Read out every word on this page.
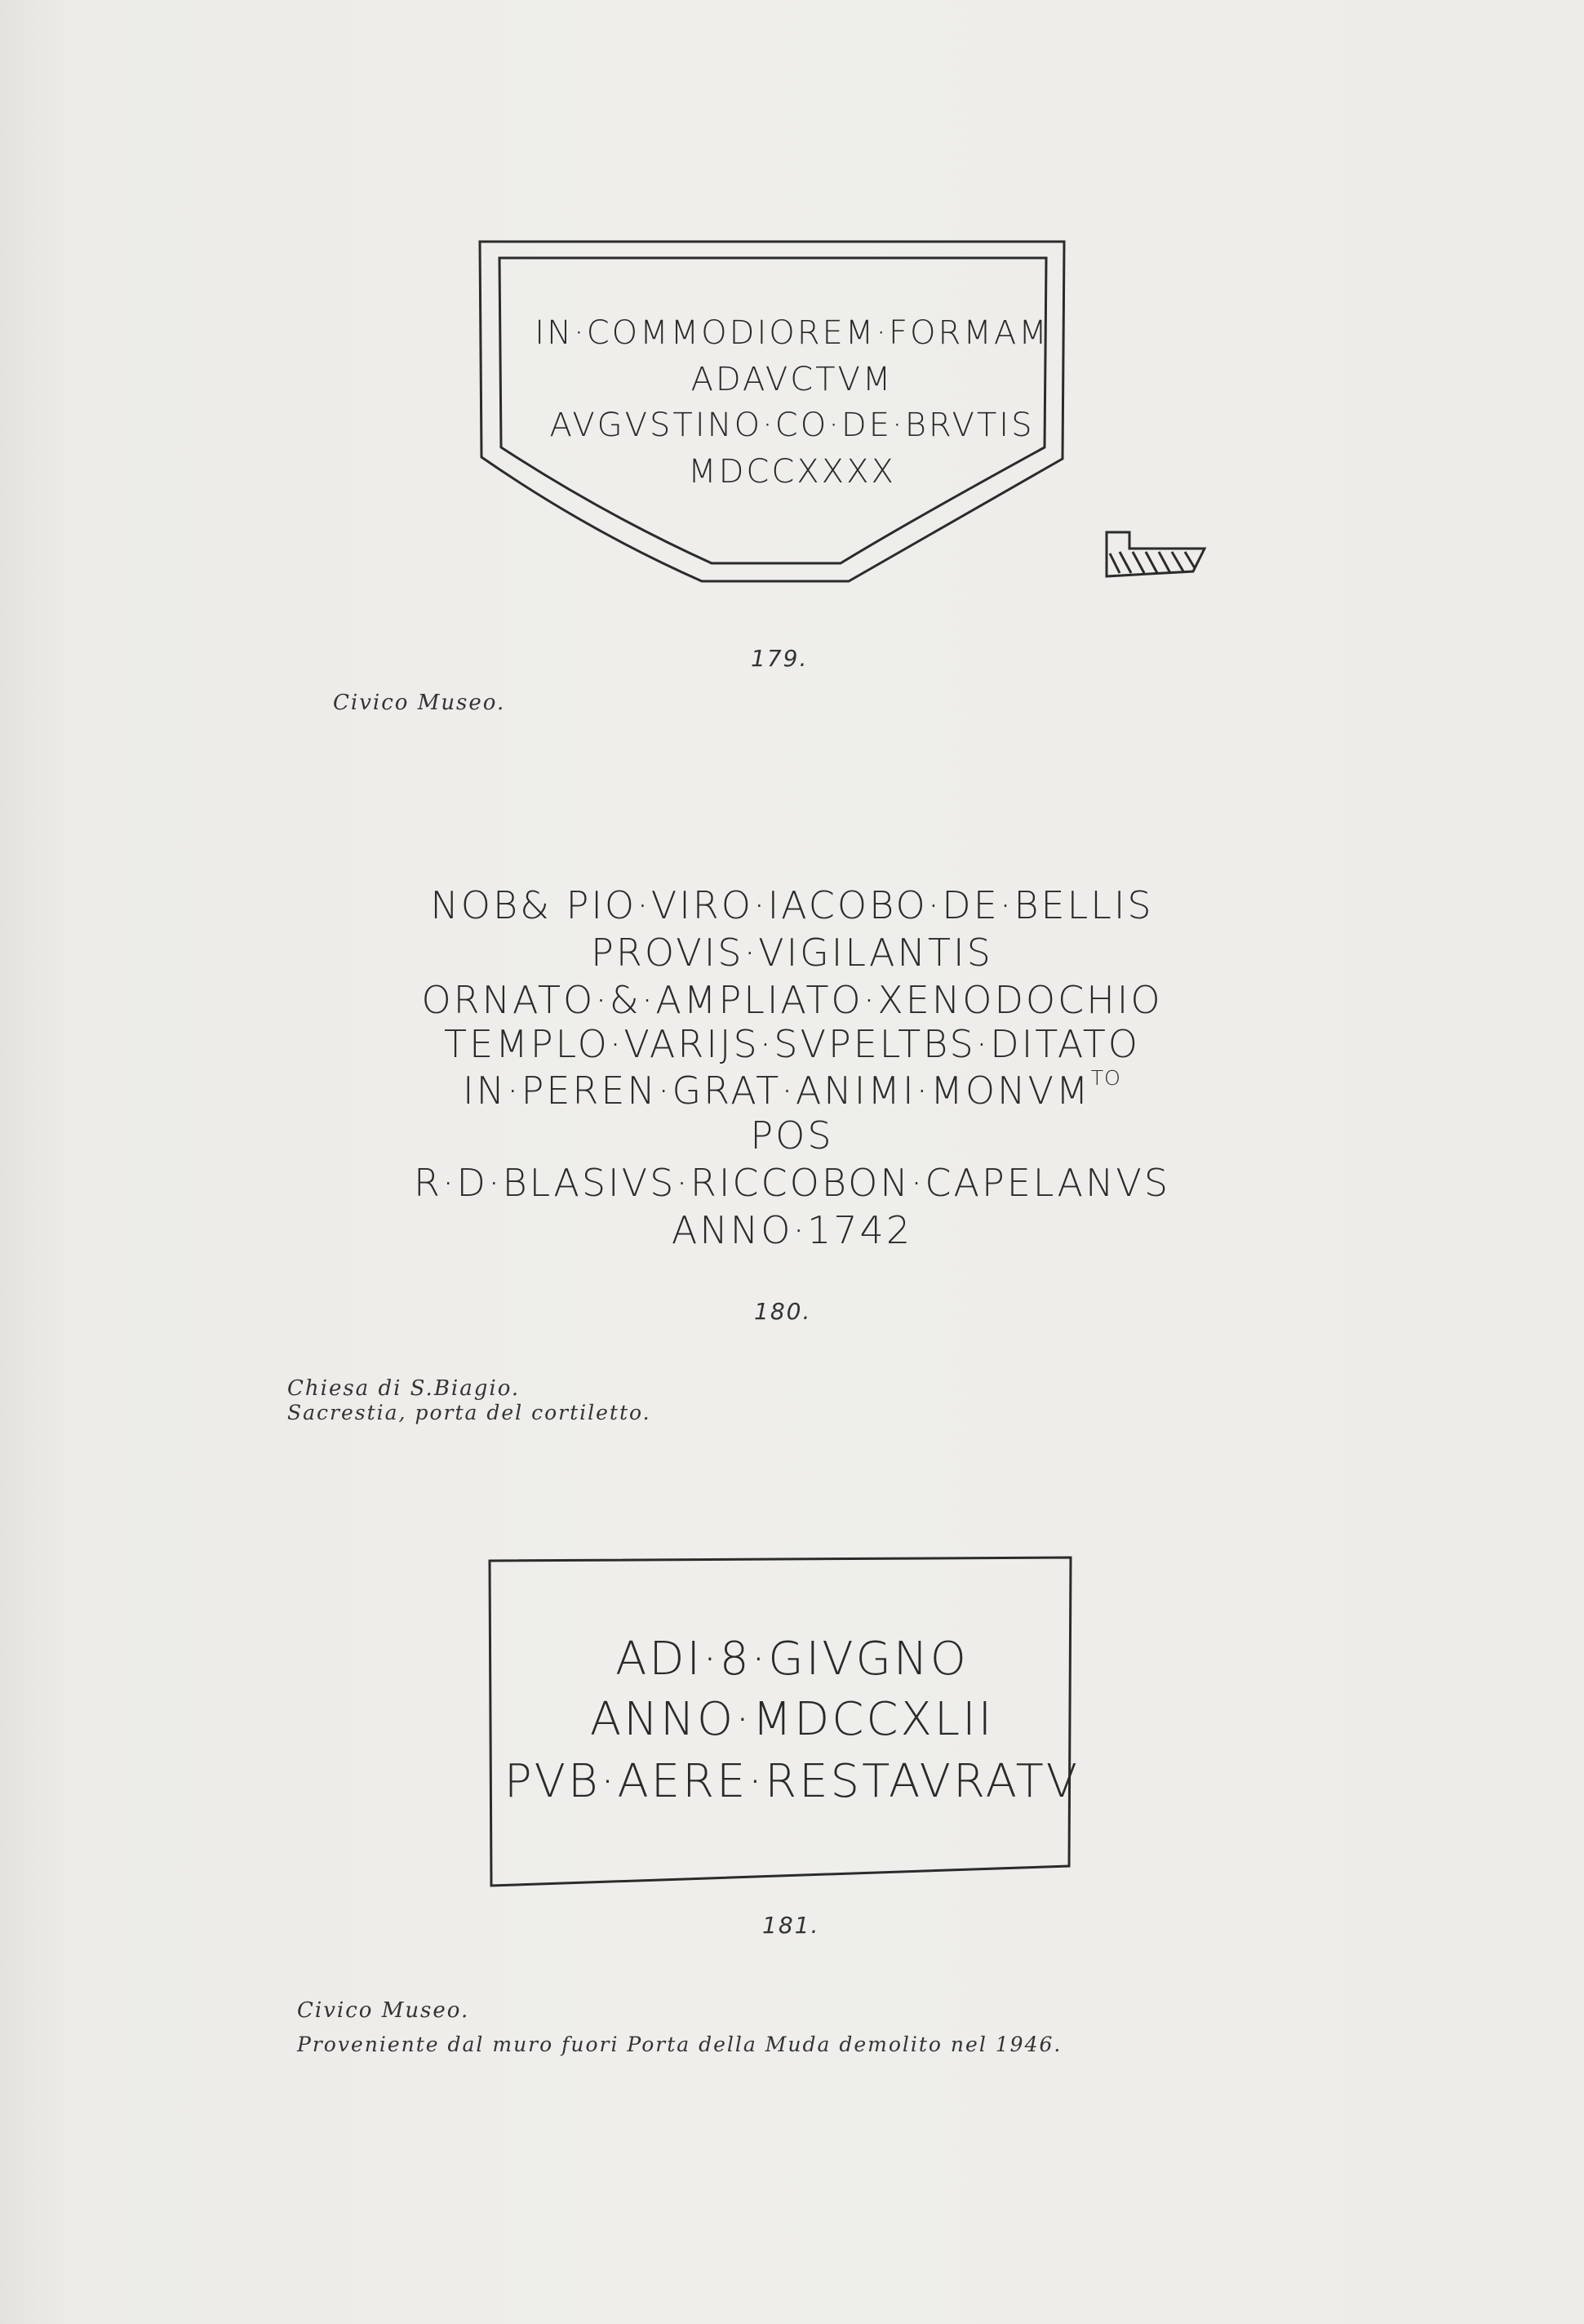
IN·COMMODIOREM·FORMAM
ADAVCTVM
AVGVSTINO·CO·DE·BRVTIS
MDCCXXXX
179.
Civico Museo.
NOB& PIO·VIRO·IACOBO·DE·BELLIS
PROVIS·VIGILANTIS
ORNATO·&·AMPLIATO·XENODOCHIO
TEMPLO·VARIJS·SVPELTBS·DITATO
$IN\cdot PEREN\cdot GRAT\cdot ANIMI\cdot MONVM^{TO}$
POS
R·D·BLASIVS·RICCOBON·CAPELANVS
ANNO·1742
180.
Chiesa di S.Biagio.
Sacrestia, porta del cortiletto.
ADI·8·GIVGNO
ANNO·MDCCXLII
PVB·AERE·RESTAVRATV
181.
Civico Museo.
Proveniente dal muro fuori Porta della Muda demolito nel 1946.
